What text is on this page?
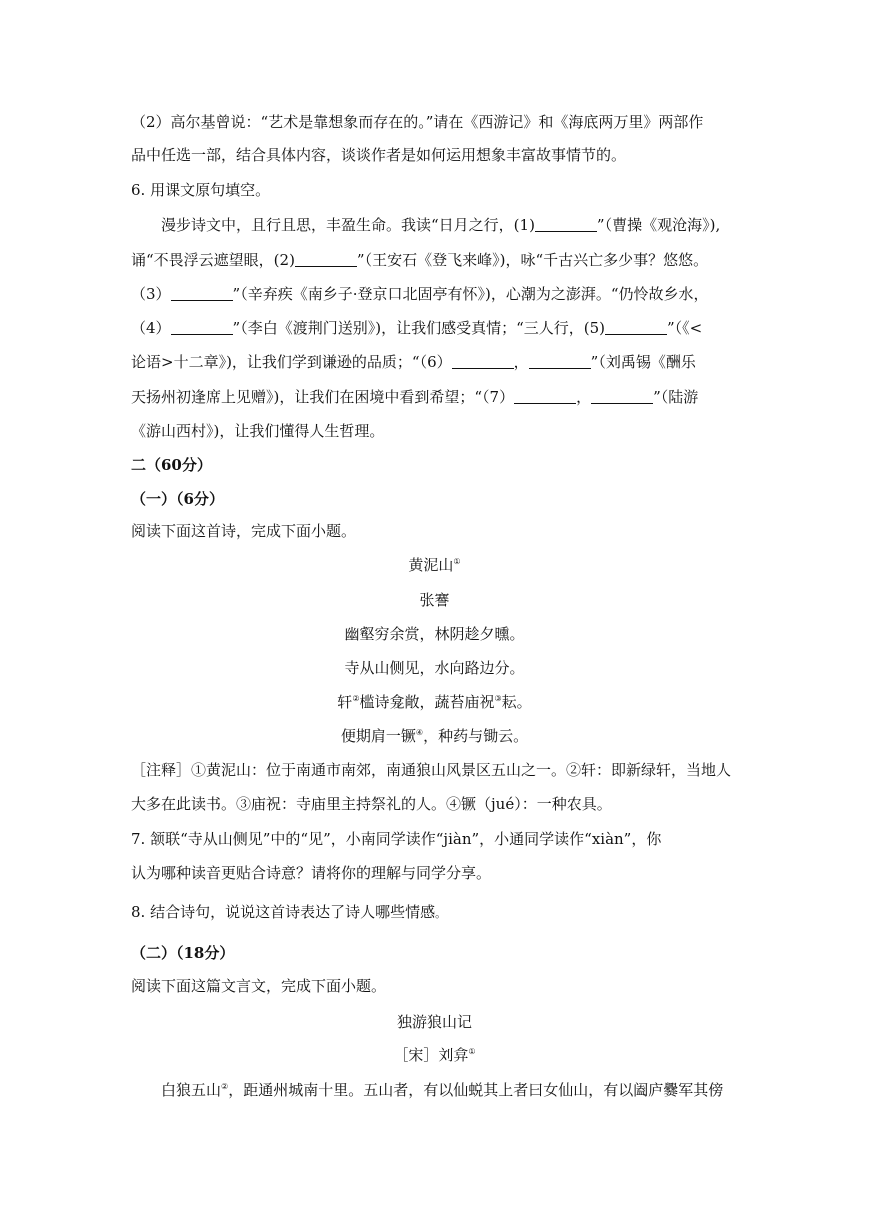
（2）高尔基曾说：“艺术是靠想象而存在的。”请在《西游记》和《海底两万里》两部作
品中任选一部，结合具体内容，谈谈作者是如何运用想象丰富故事情节的。
6. 用课文原句填空。
漫步诗文中，且行且思，丰盈生命。我读“日月之行，(1)	”（曹操《观沧海》),
诵“不畏浮云遮望眼，(2)	”（王安石《登飞来峰》)，咏“千古兴亡多少事？悠悠。
（3）	”（辛弃疾《南乡子·登京口北固亭有怀》)，心潮为之澎湃。“仍怜故乡水，
（4）	”（李白《渡荆门送别》)，让我们感受真情；“三人行，(5)	”（《<
论语>十二章》)，让我们学到谦逊的品质；“（6）	，	”（刘禹锡《酬乐
天扬州初逢席上见赠》)，让我们在困境中看到希望；“（7）	，	”（陆游
《游山西村》)，让我们懂得人生哲理。
二（60分）
（一）（6分）
阅读下面这首诗，完成下面小题。
黄泥山①
张謇
幽壑穷余赏，林阴趁夕曛。
寺从山侧见，水向路边分。
轩②槛诗龛敞，蔬苔庙祝③耘。
便期肩一镢④，种药与锄云。
［注释］①黄泥山：位于南通市南郊，南通狼山风景区五山之一。②轩：即新绿轩，当地人
大多在此读书。③庙祝：寺庙里主持祭礼的人。④镢（jué）：一种农具。
7. 颔联“寺从山侧见”中的“见”，小南同学读作“jiàn”，小通同学读作“xiàn”，你
认为哪种读音更贴合诗意？请将你的理解与同学分享。
8. 结合诗句，说说这首诗表达了诗人哪些情感。
（二）（18分）
阅读下面这篇文言文，完成下面小题。
独游狼山记
［宋］刘弇①
白狼五山②，距通州城南十里。五山者，有以仙蜕其上者曰女仙山，有以阖庐爨军其傍
